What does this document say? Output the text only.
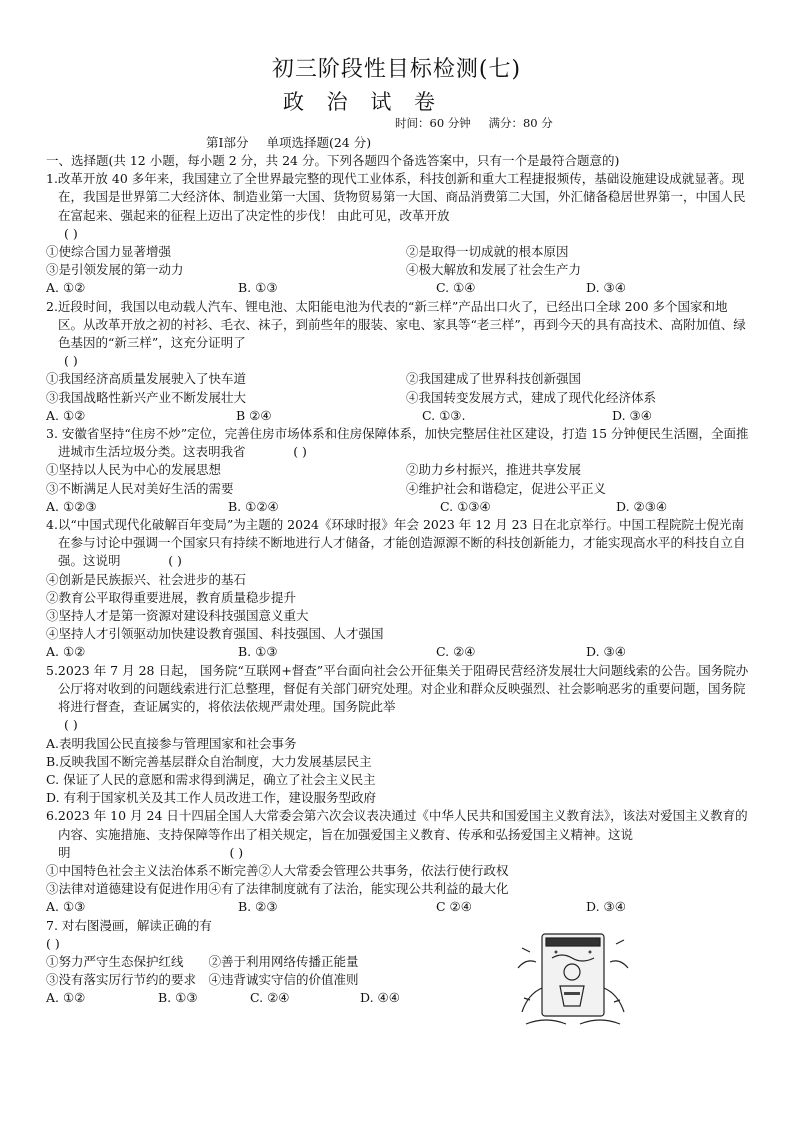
初三阶段性目标检测(七)
政 治 试 卷
时间：60 分钟 满分：80 分
第Ⅰ部分 单项选择题(24 分)
一、选择题(共 12 小题，每小题 2 分，共 24 分。下列各题四个备选答案中，只有一个是最符合题意的)
1.改革开放 40 多年来，我国建立了全世界最完整的现代工业体系，科技创新和重大工程捷报频传，基础设施建设成就显著。现在，我国是世界第二大经济体、制造业第一大国、货物贸易第一大国、商品消费第二大国，外汇储备稳居世界第一，中国人民在富起来、强起来的征程上迈出了决定性的步伐！ 由此可见，改革开放
( )
①使综合国力显著增强	②是取得一切成就的根本原因
③是引领发展的第一动力	④极大解放和发展了社会生产力
A. ①②	B. ①③	C. ①④	D. ③④
2.近段时间，我国以电动载人汽车、锂电池、太阳能电池为代表的“新三样”产品出口火了，已经出口全球 200 多个国家和地区。从改革开放之初的衬衫、毛衣、袜子，到前些年的服装、家电、家具等“老三样”，再到今天的具有高技术、高附加值、绿色基因的“新三样”，这充分证明了
( )
①我国经济高质量发展驶入了快车道	②我国建成了世界科技创新强国
③我国战略性新兴产业不断发展壮大	④我国转变发展方式，建成了现代化经济体系
A. ①②	B ②④	C. ①③.	D. ③④
3. 安徽省坚持“住房不炒”定位，完善住房市场体系和住房保障体系，加快完整居住社区建设，打造 15 分钟便民生活圈，全面推进城市生活垃圾分类。这表明我省	( )
①坚持以人民为中心的发展思想	②助力乡村振兴，推进共享发展
③不断满足人民对美好生活的需要	④维护社会和谐稳定，促进公平正义
A. ①②③	B. ①②④	C. ①③④	D. ②③④
4.以“中国式现代化破解百年变局”为主题的 2024《环球时报》年会 2023 年 12 月 23 日在北京举行。中国工程院院士倪光南在参与讨论中强调一个国家只有持续不断地进行人才储备，才能创造源源不断的科技创新能力，才能实现高水平的科技自立自强。这说明	( )
④创新是民族振兴、社会进步的基石
②教育公平取得重要进展，教育质量稳步提升
③坚持人才是第一资源对建设科技强国意义重大
④坚持人才引领驱动加快建设教育强国、科技强国、人才强国
A. ①②	B. ①③	C. ②④	D. ③④
5.2023 年 7 月 28 日起， 国务院“互联网+督查”平台面向社会公开征集关于阻碍民营经济发展壮大问题线索的公告。国务院办公厅将对收到的问题线索进行汇总整理，督促有关部门研究处理。对企业和群众反映强烈、社会影响恶劣的重要问题，国务院将进行督查，查证属实的，将依法依规严肃处理。国务院此举
( )
A.表明我国公民直接参与管理国家和社会事务
B.反映我国不断完善基层群众自治制度，大力发展基层民主
C. 保证了人民的意愿和需求得到满足，确立了社会主义民主
D. 有利于国家机关及其工作人员改进工作，建设服务型政府
6.2023 年 10 月 24 日十四届全国人大常委会第六次会议表决通过《中华人民共和国爱国主义教育法》，该法对爱国主义教育的内容、实施措施、支持保障等作出了相关规定，旨在加强爱国主义教育、传承和弘扬爱国主义精神。这说明	( )
①中国特色社会主义法治体系不断完善②人大常委会管理公共事务，依法行使行政权
③法律对道德建设有促进作用④有了法律制度就有了法治，能实现公共利益的最大化
A. ①③	B. ②③	C ②④	D. ③④
7. 对右图漫画，解读正确的有
( )
①努力严守生态保护红线　　②善于利用网络传播正能量
③没有落实厉行节约的要求　④违背诚实守信的价值准则
A. ①②	B. ①③	C. ②④	D. ④④
